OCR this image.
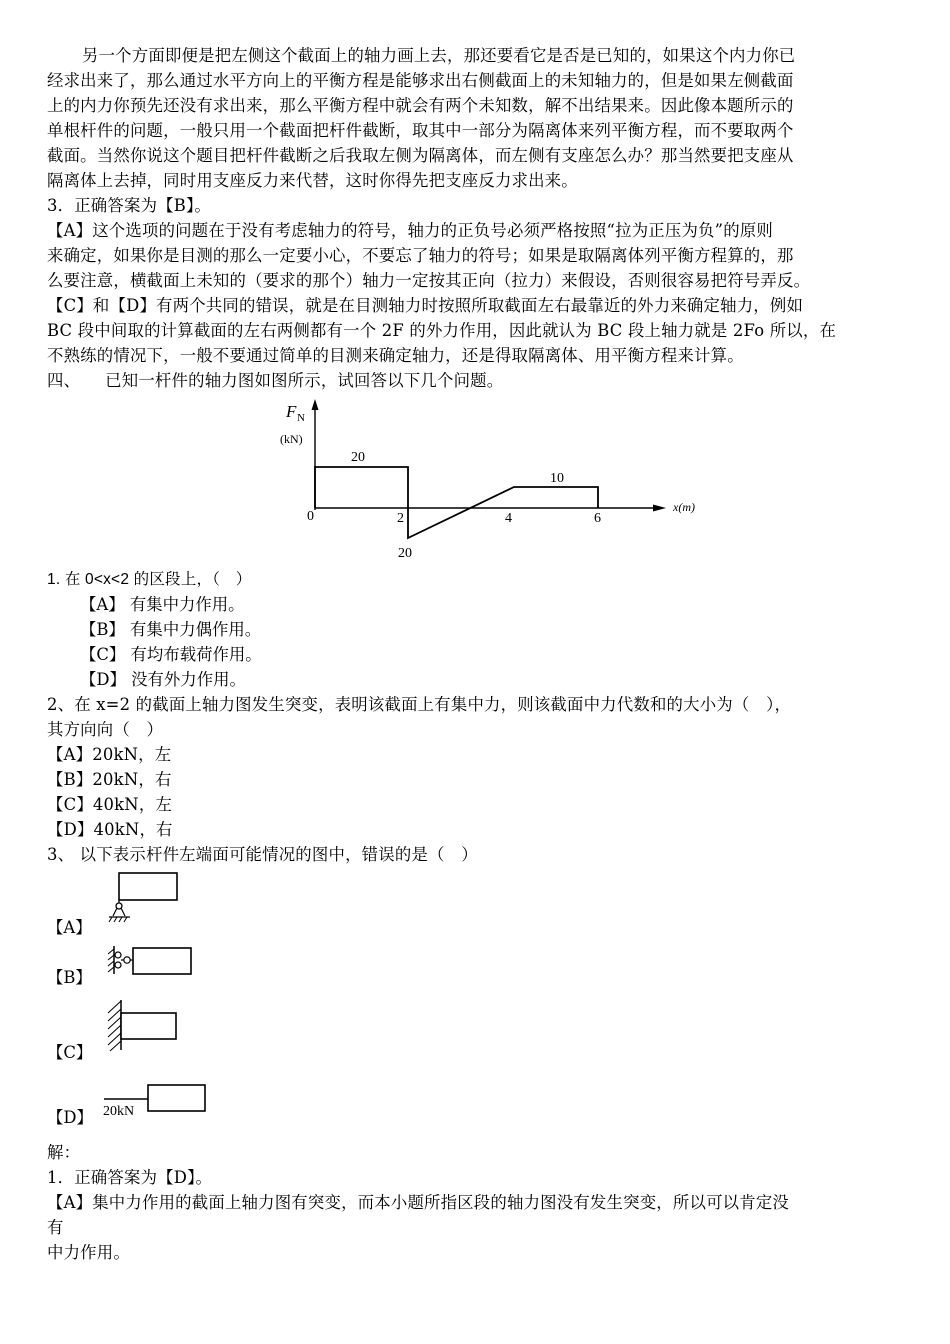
另一个方面即便是把左侧这个截面上的轴力画上去，那还要看它是否是已知的，如果这个内力你已
经求出来了，那么通过水平方向上的平衡方程是能够求出右侧截面上的未知轴力的，但是如果左侧截面
上的内力你预先还没有求出来，那么平衡方程中就会有两个未知数，解不出结果来。因此像本题所示的
单根杆件的问题，一般只用一个截面把杆件截断，取其中一部分为隔离体来列平衡方程，而不要取两个
截面。当然你说这个题目把杆件截断之后我取左侧为隔离体，而左侧有支座怎么办？那当然要把支座从
隔离体上去掉，同时用支座反力来代替，这时你得先把支座反力求出来。
3．正确答案为【B】。
【A】这个选项的问题在于没有考虑轴力的符号，轴力的正负号必须严格按照“拉为正压为负”的原则
来确定，如果你是目测的那么一定要小心，不要忘了轴力的符号；如果是取隔离体列平衡方程算的，那
么要注意，横截面上未知的（要求的那个）轴力一定按其正向（拉力）来假设，否则很容易把符号弄反。
【C】和【D】有两个共同的错误，就是在目测轴力时按照所取截面左右最靠近的外力来确定轴力，例如
BC 段中间取的计算截面的左右两侧都有一个 2F 的外力作用，因此就认为 BC 段上轴力就是 2Fo 所以，在
不熟练的情况下，一般不要通过简单的目测来确定轴力，还是得取隔离体、用平衡方程来计算。
四、　　已知一杆件的轴力图如图所示，试回答以下几个问题。
F N
(kN)
20
10
20
0	2	4	6
x(m)
1. 在 0<x<2 的区段上，（　）
【A】 有集中力作用。
【B】 有集中力偶作用。
【C】 有均布载荷作用。
【D】 没有外力作用。
2、在 x=2 的截面上轴力图发生突变，表明该截面上有集中力，则该截面中力代数和的大小为（　），
其方向向（　）
【A】20kN，左
【B】20kN，右
【C】40kN，左
【D】40kN，右
3、 以下表示杆件左端面可能情况的图中，错误的是（　）
【A】
【B】
【C】
【D】 20kN
解：
1．正确答案为【D】。
【A】集中力作用的截面上轴力图有突变，而本小题所指区段的轴力图没有发生突变，所以可以肯定没
有
中力作用。
